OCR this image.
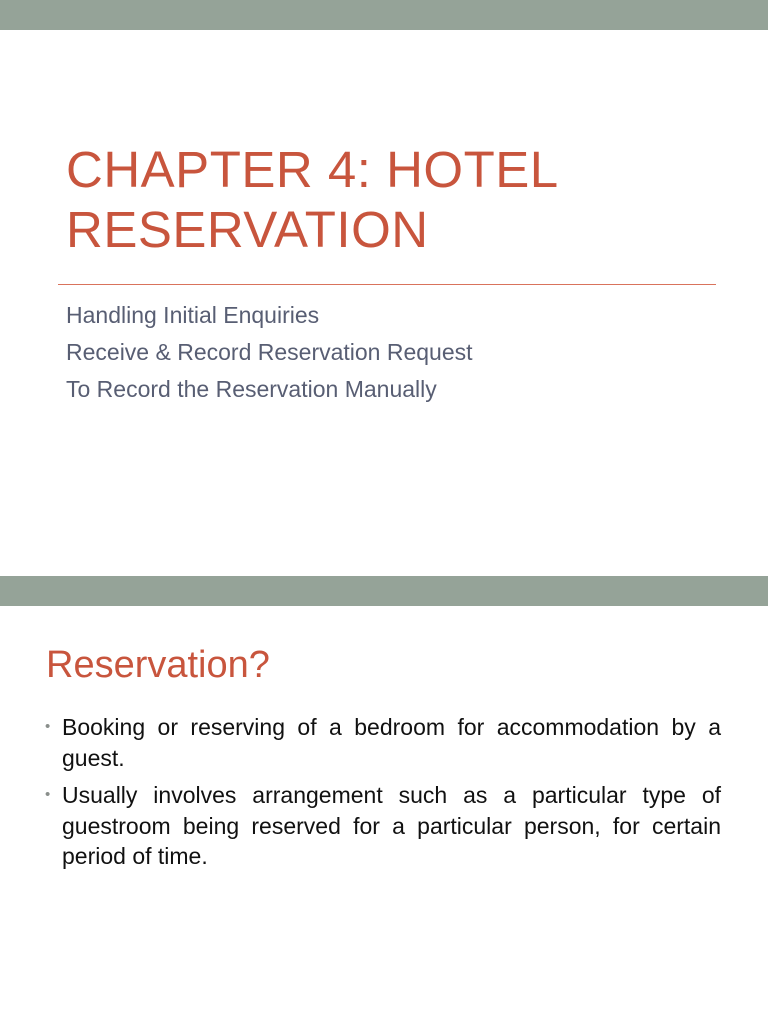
CHAPTER 4: HOTEL RESERVATION
Handling Initial Enquiries
Receive & Record Reservation Request
To Record the Reservation Manually
Reservation?
• Booking or reserving of a bedroom for accommodation by a guest.
• Usually involves arrangement such as a particular type of guestroom being reserved for a particular person, for certain period of time.
